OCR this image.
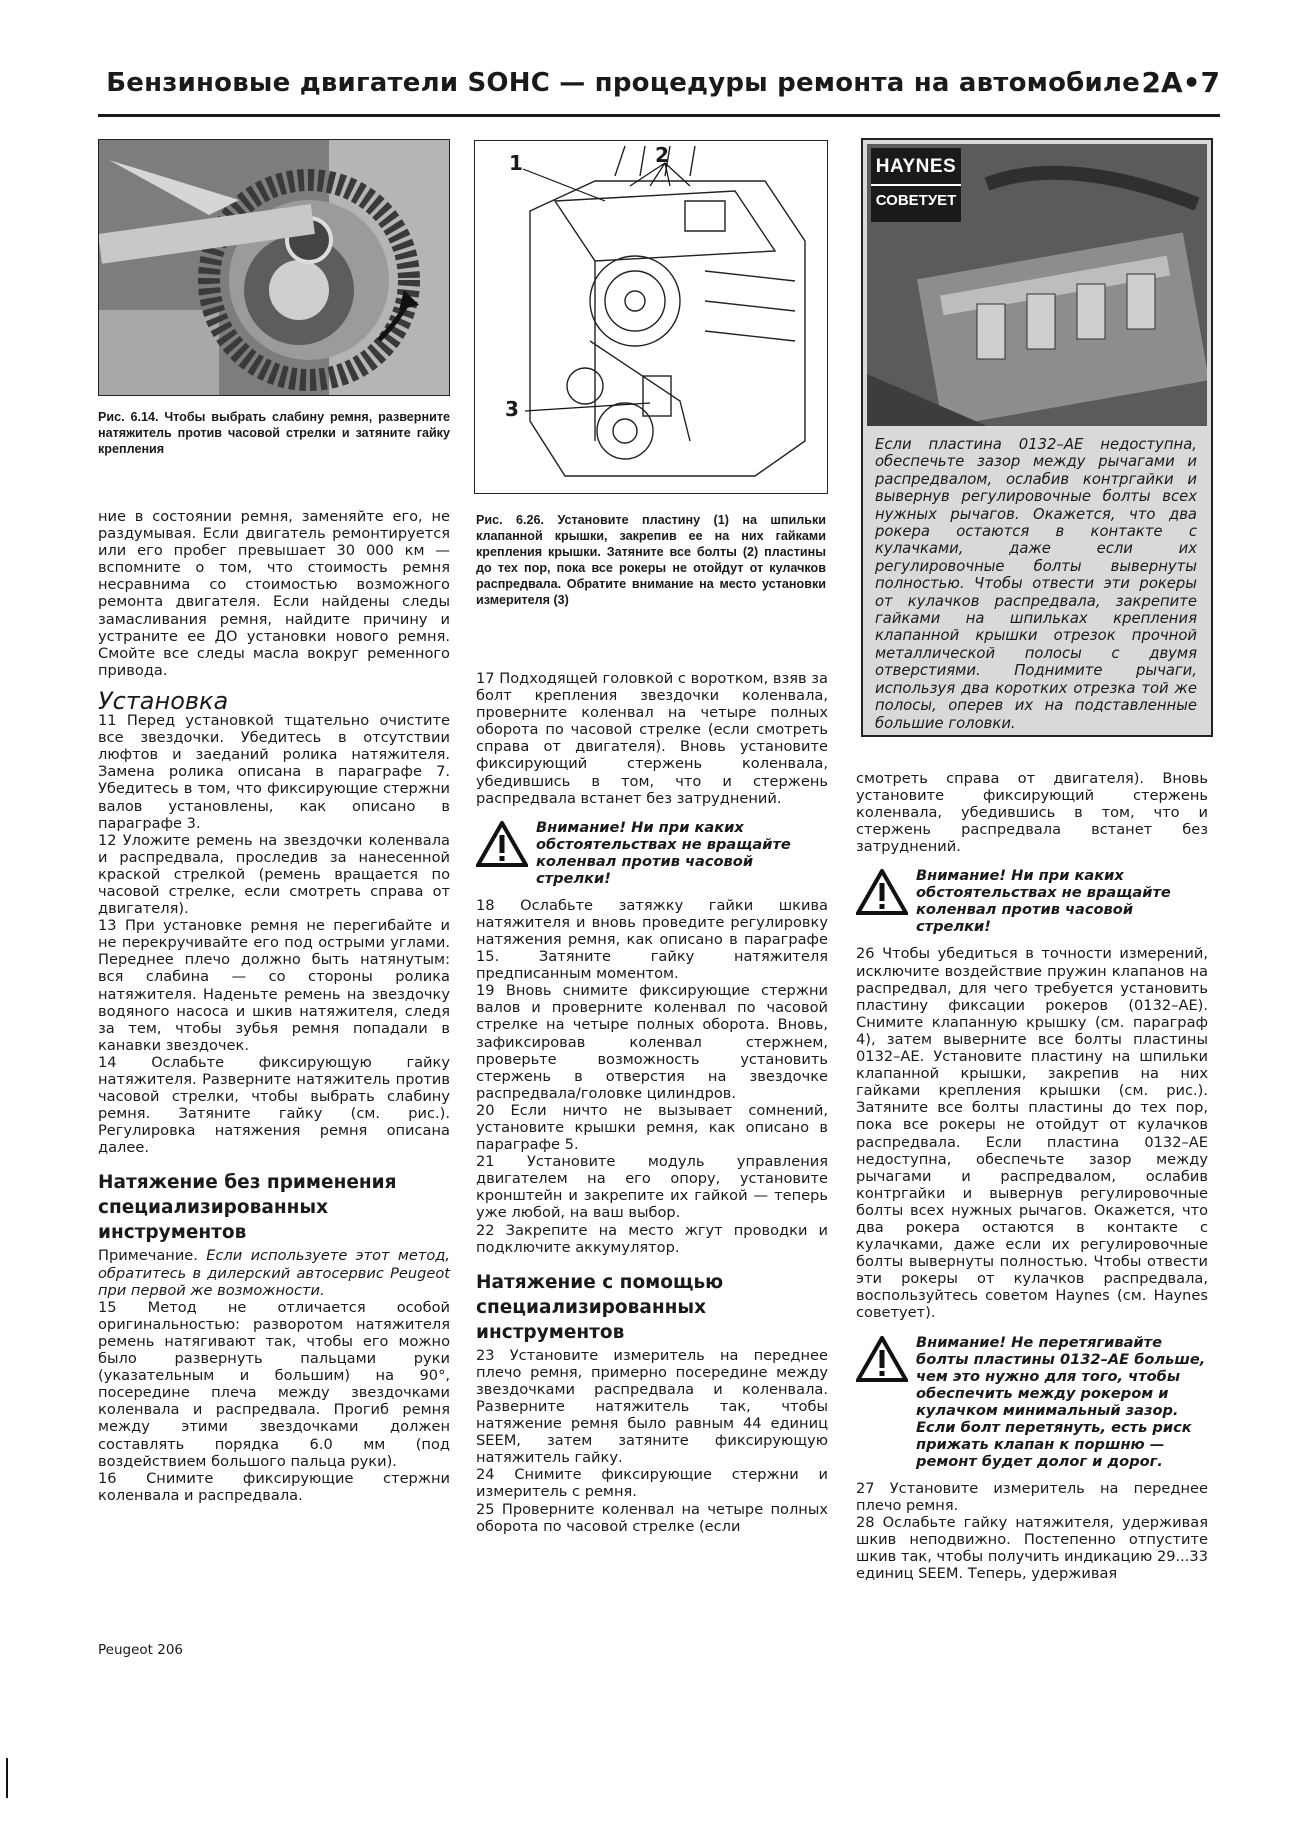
Бензиновые двигатели SOHC — процедуры ремонта на автомобиле 2A•7

Рис. 6.14. Чтобы выбрать слабину ремня, разверните натяжитель против часовой стрелки и затяните гайку крепления

1	2
3

Рис. 6.26. Установите пластину (1) на шпильки клапанной крышки, закрепив ее на них гайками крепления крышки. Затяните все болты (2) пластины до тех пор, пока все рокеры не отойдут от кулачков распредвала. Обратите внимание на место установки измерителя (3)

HAYNES
СОВЕТУЕТ
Если пластина 0132–AE недоступна, обеспечьте зазор между рычагами и распредвалом, ослабив контргайки и вывернув регулировочные болты всех нужных рычагов. Окажется, что два рокера остаются в контакте с кулачками, даже если их регулировочные болты вывернуты полностью. Чтобы отвести эти рокеры от кулачков распредвала, закрепите гайками на шпильках крепления клапанной крышки отрезок прочной металлической полосы с двумя отверстиями. Поднимите рычаги, используя два коротких отрезка той же полосы, оперев их на подставленные большие головки.

ние в состоянии ремня, заменяйте его, не раздумывая. Если двигатель ремонтируется или его пробег превышает 30 000 км — вспомните о том, что стоимость ремня несравнима со стоимостью возможного ремонта двигателя. Если найдены следы замасливания ремня, найдите причину и устраните ее ДО установки нового ремня. Смойте все следы масла вокруг ременного привода.

Установка

11 Перед установкой тщательно очистите все звездочки. Убедитесь в отсутствии люфтов и заеданий ролика натяжителя. Замена ролика описана в параграфе 7. Убедитесь в том, что фиксирующие стержни валов установлены, как описано в параграфе 3.

12 Уложите ремень на звездочки коленвала и распредвала, проследив за нанесенной краской стрелкой (ремень вращается по часовой стрелке, если смотреть справа от двигателя).

13 При установке ремня не перегибайте и не перекручивайте его под острыми углами. Переднее плечо должно быть натянутым: вся слабина — со стороны ролика натяжителя. Наденьте ремень на звездочку водяного насоса и шкив натяжителя, следя за тем, чтобы зубья ремня попадали в канавки звездочек.

14 Ослабьте фиксирующую гайку натяжителя. Разверните натяжитель против часовой стрелки, чтобы выбрать слабину ремня. Затяните гайку (см. рис.). Регулировка натяжения ремня описана далее.

Натяжение без применения специализированных инструментов

Примечание. Если используете этот метод, обратитесь в дилерский автосервис Peugeot при первой же возможности.

15 Метод не отличается особой оригинальностью: разворотом натяжителя ремень натягивают так, чтобы его можно было развернуть пальцами руки (указательным и большим) на 90°, посередине плеча между звездочками коленвала и распредвала. Прогиб ремня между этими звездочками должен составлять порядка 6.0 мм (под воздействием большого пальца руки).

16 Снимите фиксирующие стержни коленвала и распредвала.

17 Подходящей головкой с воротком, взяв за болт крепления звездочки коленвала, проверните коленвал на четыре полных оборота по часовой стрелке (если смотреть справа от двигателя). Вновь установите фиксирующий стержень коленвала, убедившись в том, что и стержень распредвала встанет без затруднений.

Внимание! Ни при каких обстоятельствах не вращайте коленвал против часовой стрелки!

18 Ослабьте затяжку гайки шкива натяжителя и вновь проведите регулировку натяжения ремня, как описано в параграфе 15. Затяните гайку натяжителя предписанным моментом.

19 Вновь снимите фиксирующие стержни валов и проверните коленвал по часовой стрелке на четыре полных оборота. Вновь, зафиксировав коленвал стержнем, проверьте возможность установить стержень в отверстия на звездочке распредвала/головке цилиндров.

20 Если ничто не вызывает сомнений, установите крышки ремня, как описано в параграфе 5.

21 Установите модуль управления двигателем на его опору, установите кронштейн и закрепите их гайкой — теперь уже любой, на ваш выбор.

22 Закрепите на место жгут проводки и подключите аккумулятор.

Натяжение с помощью специализированных инструментов

23 Установите измеритель на переднее плечо ремня, примерно посередине между звездочками распредвала и коленвала. Разверните натяжитель так, чтобы натяжение ремня было равным 44 единиц SEEM, затем затяните фиксирующую натяжитель гайку.

24 Снимите фиксирующие стержни и измеритель с ремня.

25 Проверните коленвал на четыре полных оборота по часовой стрелке (если

смотреть справа от двигателя). Вновь установите фиксирующий стержень коленвала, убедившись в том, что и стержень распредвала встанет без затруднений.

Внимание! Ни при каких обстоятельствах не вращайте коленвал против часовой стрелки!

26 Чтобы убедиться в точности измерений, исключите воздействие пружин клапанов на распредвал, для чего требуется установить пластину фиксации рокеров (0132–AE). Снимите клапанную крышку (см. параграф 4), затем выверните все болты пластины 0132–AE. Установите пластину на шпильки клапанной крышки, закрепив на них гайками крепления крышки (см. рис.). Затяните все болты пластины до тех пор, пока все рокеры не отойдут от кулачков распредвала. Если пластина 0132–AE недоступна, обеспечьте зазор между рычагами и распредвалом, ослабив контргайки и вывернув регулировочные болты всех нужных рычагов. Окажется, что два рокера остаются в контакте с кулачками, даже если их регулировочные болты вывернуты полностью. Чтобы отвести эти рокеры от кулачков распредвала, воспользуйтесь советом Haynes (см. Haynes советует).

Внимание! Не перетягивайте болты пластины 0132–AE больше, чем это нужно для того, чтобы обеспечить между рокером и кулачком минимальный зазор. Если болт перетянуть, есть риск прижать клапан к поршню — ремонт будет долог и дорог.

27 Установите измеритель на переднее плечо ремня.

28 Ослабьте гайку натяжителя, удерживая шкив неподвижно. Постепенно отпустите шкив так, чтобы получить индикацию 29...33 единиц SEEM. Теперь, удерживая

Peugeot 206
